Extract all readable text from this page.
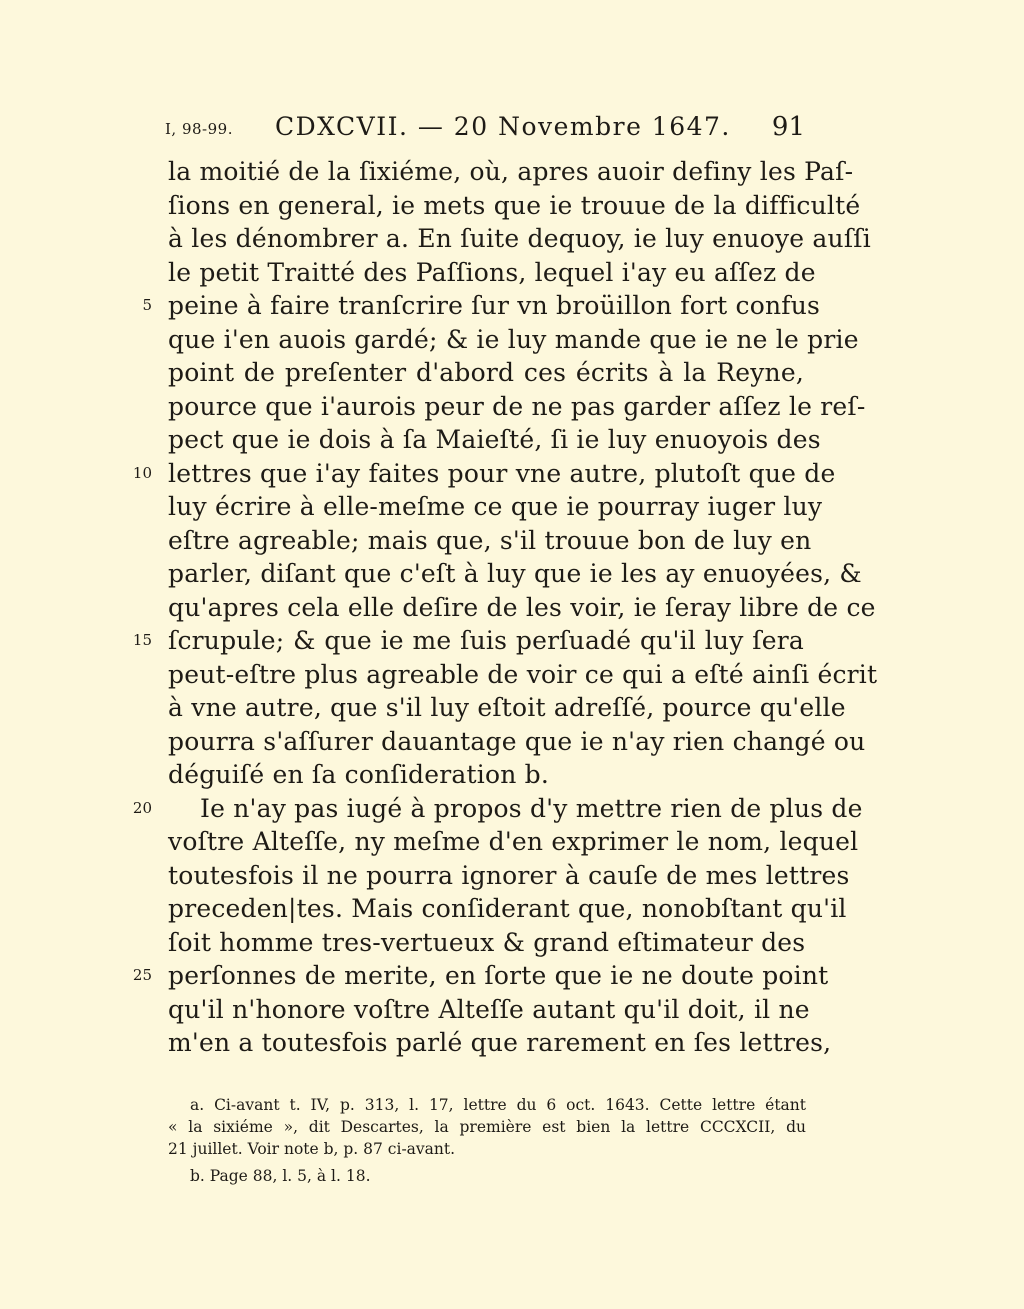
I, 98-99. CDXCVII. — 20 Novembre 1647. 91
la moitié de la ſixiéme, où, apres auoir definy les Paſ-
ſions en general, ie mets que ie trouue de la difficulté
à les dénombrer a. En ſuite dequoy, ie luy enuoye auſſi
le petit Traitté des Paſſions, lequel i'ay eu aſſez de
5 peine à faire tranſcrire ſur vn broüillon fort confus
que i'en auois gardé; & ie luy mande que ie ne le prie
point de preſenter d'abord ces écrits à la Reyne,
pource que i'aurois peur de ne pas garder aſſez le reſ-
pect que ie dois à ſa Maieſté, ſi ie luy enuoyois des
10 lettres que i'ay faites pour vne autre, plutoſt que de
luy écrire à elle-meſme ce que ie pourray iuger luy
eſtre agreable; mais que, s'il trouue bon de luy en
parler, diſant que c'eſt à luy que ie les ay enuoyées, &
qu'apres cela elle deſire de les voir, ie ſeray libre de ce
15 ſcrupule; & que ie me ſuis perſuadé qu'il luy ſera
peut-eſtre plus agreable de voir ce qui a eſté ainſi écrit
à vne autre, que s'il luy eſtoit adreſſé, pource qu'elle
pourra s'aſſurer dauantage que ie n'ay rien changé ou
déguiſé en ſa conſideration b.
20 Ie n'ay pas iugé à propos d'y mettre rien de plus de
voſtre Alteſſe, ny meſme d'en exprimer le nom, lequel
toutesfois il ne pourra ignorer à cauſe de mes lettres
preceden|tes. Mais conſiderant que, nonobſtant qu'il
ſoit homme tres-vertueux & grand eſtimateur des
25 perſonnes de merite, en ſorte que ie ne doute point
qu'il n'honore voſtre Alteſſe autant qu'il doit, il ne
m'en a toutesfois parlé que rarement en ſes lettres,
a. Ci-avant t. IV, p. 313, l. 17, lettre du 6 oct. 1643. Cette lettre étant
« la sixiéme », dit Descartes, la première est bien la lettre CCCXCII, du
21 juillet. Voir note b, p. 87 ci-avant.
b. Page 88, l. 5, à l. 18.
